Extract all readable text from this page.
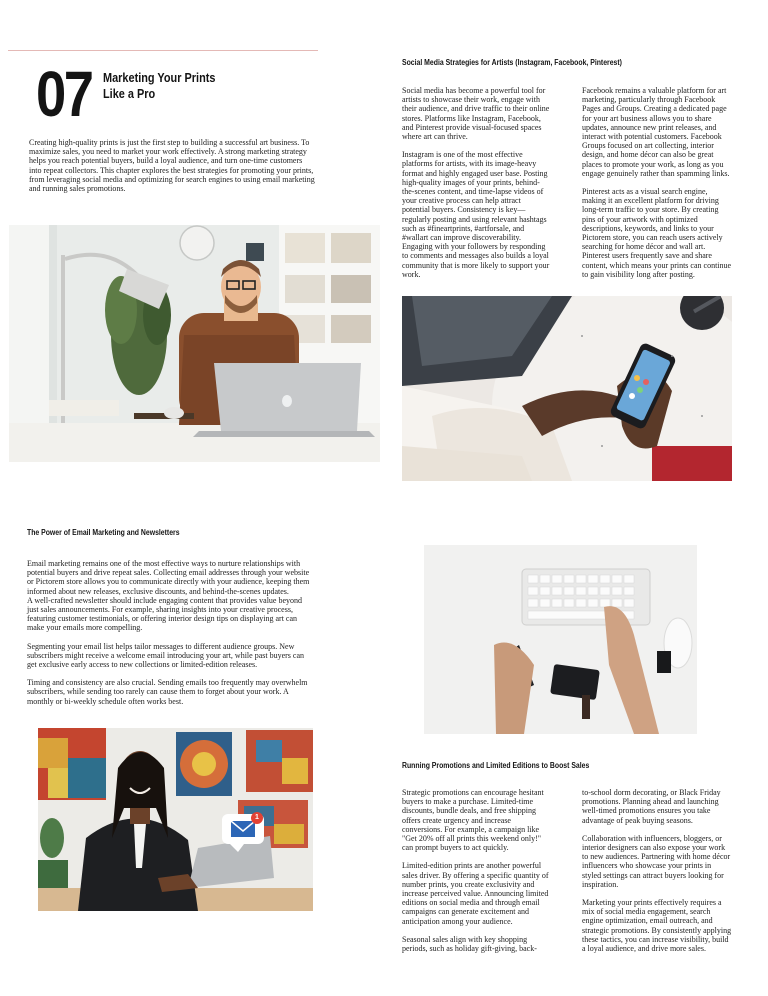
07 Marketing Your Prints
Like a Pro

Creating high-quality prints is just the first step to building a successful art business. To maximize sales, you need to market your work effectively. A strong marketing strategy helps you reach potential buyers, build a loyal audience, and turn one-time customers into repeat collectors. This chapter explores the best strategies for promoting your prints, from leveraging social media and optimizing for search engines to using email marketing and running sales promotions.

Social Media Strategies for Artists (Instagram, Facebook, Pinterest)

Social media has become a powerful tool for artists to showcase their work, engage with their audience, and drive traffic to their online stores. Platforms like Instagram, Facebook, and Pinterest provide visual-focused spaces where art can thrive.

Instagram is one of the most effective platforms for artists, with its image-heavy format and highly engaged user base. Posting high-quality images of your prints, behind-the-scenes content, and time-lapse videos of your creative process can help attract potential buyers. Consistency is key—regularly posting and using relevant hashtags such as #fineartprints, #artforsale, and #wallart can improve discoverability. Engaging with your followers by responding to comments and messages also builds a loyal community that is more likely to support your work.

Facebook remains a valuable platform for art marketing, particularly through Facebook Pages and Groups. Creating a dedicated page for your art business allows you to share updates, announce new print releases, and interact with potential customers. Facebook Groups focused on art collecting, interior design, and home décor can also be great places to promote your work, as long as you engage genuinely rather than spamming links.

Pinterest acts as a visual search engine, making it an excellent platform for driving long-term traffic to your store. By creating pins of your artwork with optimized descriptions, keywords, and links to your Pictorem store, you can reach users actively searching for home décor and wall art. Pinterest users frequently save and share content, which means your prints can continue to gain visibility long after posting.

The Power of Email Marketing and Newsletters

Email marketing remains one of the most effective ways to nurture relationships with potential buyers and drive repeat sales. Collecting email addresses through your website or Pictorem store allows you to communicate directly with your audience, keeping them informed about new releases, exclusive discounts, and behind-the-scenes updates.

A well-crafted newsletter should include engaging content that provides value beyond just sales announcements. For example, sharing insights into your creative process, featuring customer testimonials, or offering interior design tips on displaying art can make your emails more compelling.

Segmenting your email list helps tailor messages to different audience groups. New subscribers might receive a welcome email introducing your art, while past buyers can get exclusive early access to new collections or limited-edition releases.

Timing and consistency are also crucial. Sending emails too frequently may overwhelm subscribers, while sending too rarely can cause them to forget about your work. A monthly or bi-weekly schedule often works best.

1
Running Promotions and Limited Editions to Boost Sales

Strategic promotions can encourage hesitant buyers to make a purchase. Limited-time discounts, bundle deals, and free shipping offers create urgency and increase conversions. For example, a campaign like "Get 20% off all prints this weekend only!" can prompt buyers to act quickly.

Limited-edition prints are another powerful sales driver. By offering a specific quantity of number prints, you create exclusivity and increase perceived value. Announcing limited editions on social media and through email campaigns can generate excitement and anticipation among your audience.

Seasonal sales align with key shopping periods, such as holiday gift-giving, back-

to-school dorm decorating, or Black Friday promotions. Planning ahead and launching well-timed promotions ensures you take advantage of peak buying seasons.

Collaboration with influencers, bloggers, or interior designers can also expose your work to new audiences. Partnering with home décor influencers who showcase your prints in styled settings can attract buyers looking for inspiration.

Marketing your prints effectively requires a mix of social media engagement, search engine optimization, email outreach, and strategic promotions. By consistently applying these tactics, you can increase visibility, build a loyal audience, and drive more sales.
